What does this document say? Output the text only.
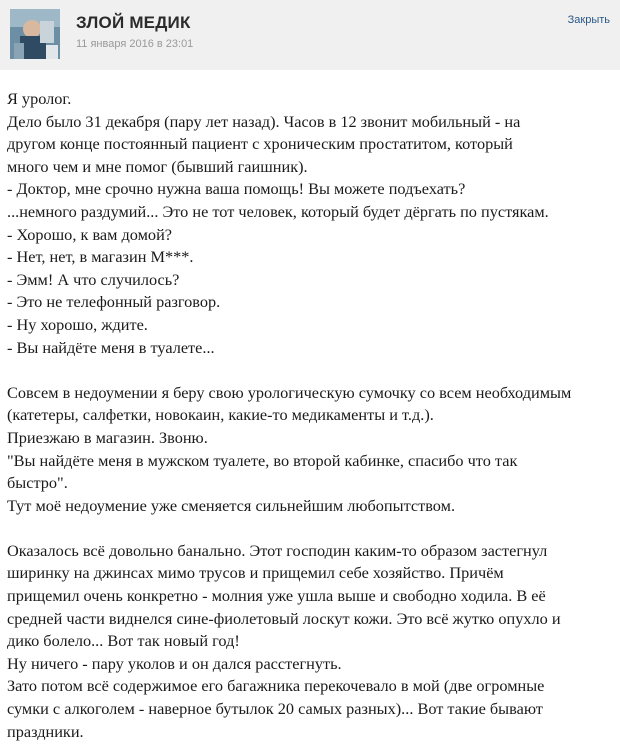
ЗЛОЙ МЕДИК
11 января 2016 в 23:01
Закрыть
Я уролог.
Дело было 31 декабря (пару лет назад). Часов в 12 звонит мобильный - на
другом конце постоянный пациент с хроническим простатитом, который
много чем и мне помог (бывший гаишник).
- Доктор, мне срочно нужна ваша помощь! Вы можете подъехать?
...немного раздумий... Это не тот человек, который будет дёргать по пустякам.
- Хорошо, к вам домой?
- Нет, нет, в магазин М***.
- Эмм! А что случилось?
- Это не телефонный разговор.
- Ну хорошо, ждите.
- Вы найдёте меня в туалете...
Совсем в недоумении я беру свою урологическую сумочку со всем необходимым
(катетеры, салфетки, новокаин, какие-то медикаменты и т.д.).
Приезжаю в магазин. Звоню.
"Вы найдёте меня в мужском туалете, во второй кабинке, спасибо что так
быстро".
Тут моё недоумение уже сменяется сильнейшим любопытством.
Оказалось всё довольно банально. Этот господин каким-то образом застегнул
ширинку на джинсах мимо трусов и прищемил себе хозяйство. Причём
прищемил очень конкретно - молния уже ушла выше и свободно ходила. В её
средней части виднелся сине-фиолетовый лоскут кожи. Это всё жутко опухло и
дико болело... Вот так новый год!
Ну ничего - пару уколов и он дался расстегнуть.
Зато потом всё содержимое его багажника перекочевало в мой (две огромные
сумки с алкоголем - наверное бутылок 20 самых разных)... Вот такие бывают
праздники.
